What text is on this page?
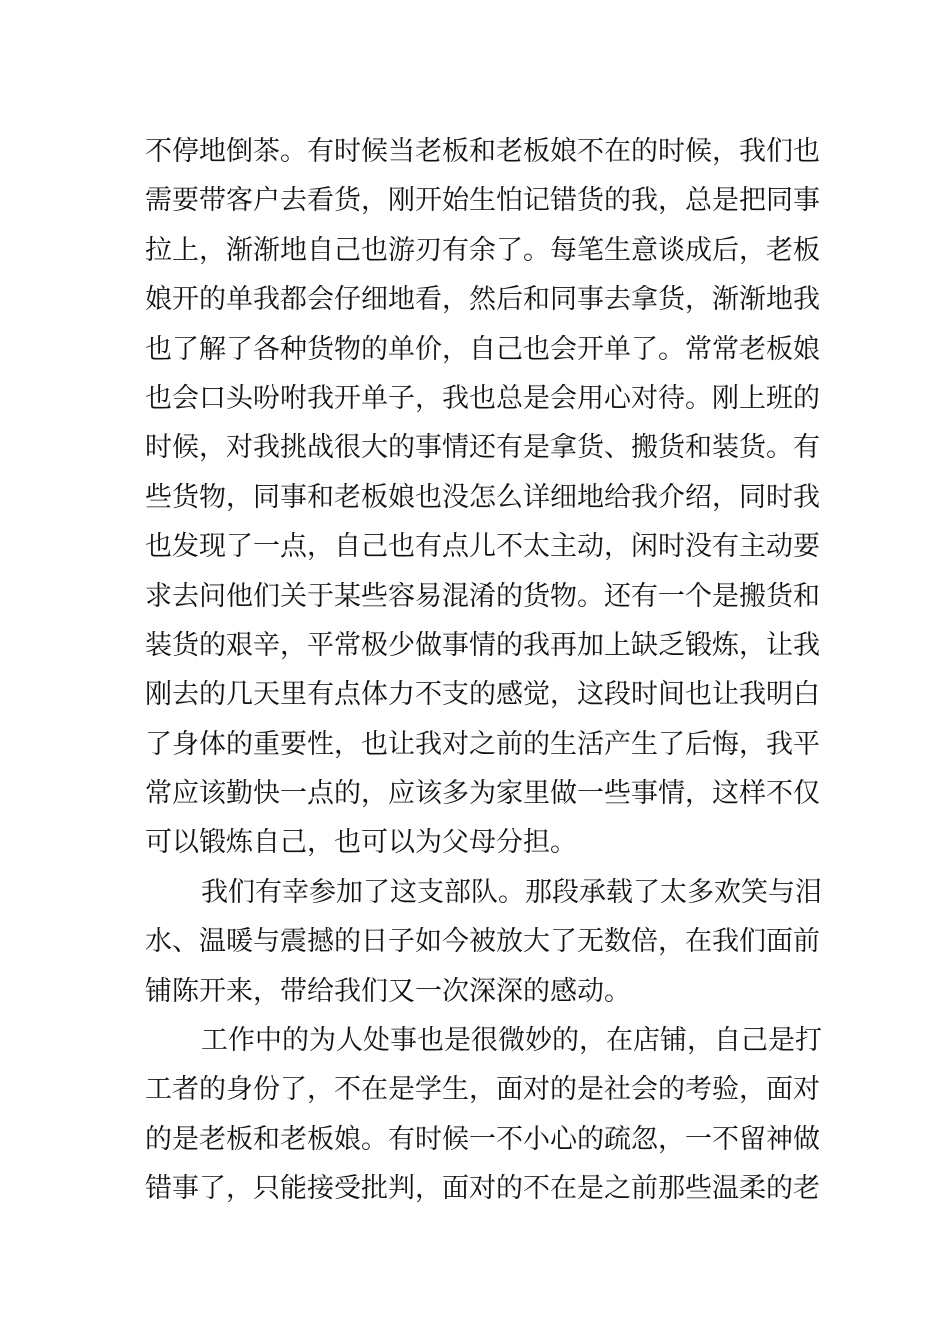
不停地倒茶。有时候当老板和老板娘不在的时候，我们也
需要带客户去看货，刚开始生怕记错货的我，总是把同事
拉上，渐渐地自己也游刃有余了。每笔生意谈成后，老板
娘开的单我都会仔细地看，然后和同事去拿货，渐渐地我
也了解了各种货物的单价，自己也会开单了。常常老板娘
也会口头吩咐我开单子，我也总是会用心对待。刚上班的
时候，对我挑战很大的事情还有是拿货、搬货和装货。有
些货物，同事和老板娘也没怎么详细地给我介绍，同时我
也发现了一点，自己也有点儿不太主动，闲时没有主动要
求去问他们关于某些容易混淆的货物。还有一个是搬货和
装货的艰辛，平常极少做事情的我再加上缺乏锻炼，让我
刚去的几天里有点体力不支的感觉，这段时间也让我明白
了身体的重要性，也让我对之前的生活产生了后悔，我平
常应该勤快一点的，应该多为家里做一些事情，这样不仅
可以锻炼自己，也可以为父母分担。
我们有幸参加了这支部队。那段承载了太多欢笑与泪
水、温暖与震撼的日子如今被放大了无数倍，在我们面前
铺陈开来，带给我们又一次深深的感动。
工作中的为人处事也是很微妙的，在店铺，自己是打
工者的身份了，不在是学生，面对的是社会的考验，面对
的是老板和老板娘。有时候一不小心的疏忽，一不留神做
错事了，只能接受批判，面对的不在是之前那些温柔的老
